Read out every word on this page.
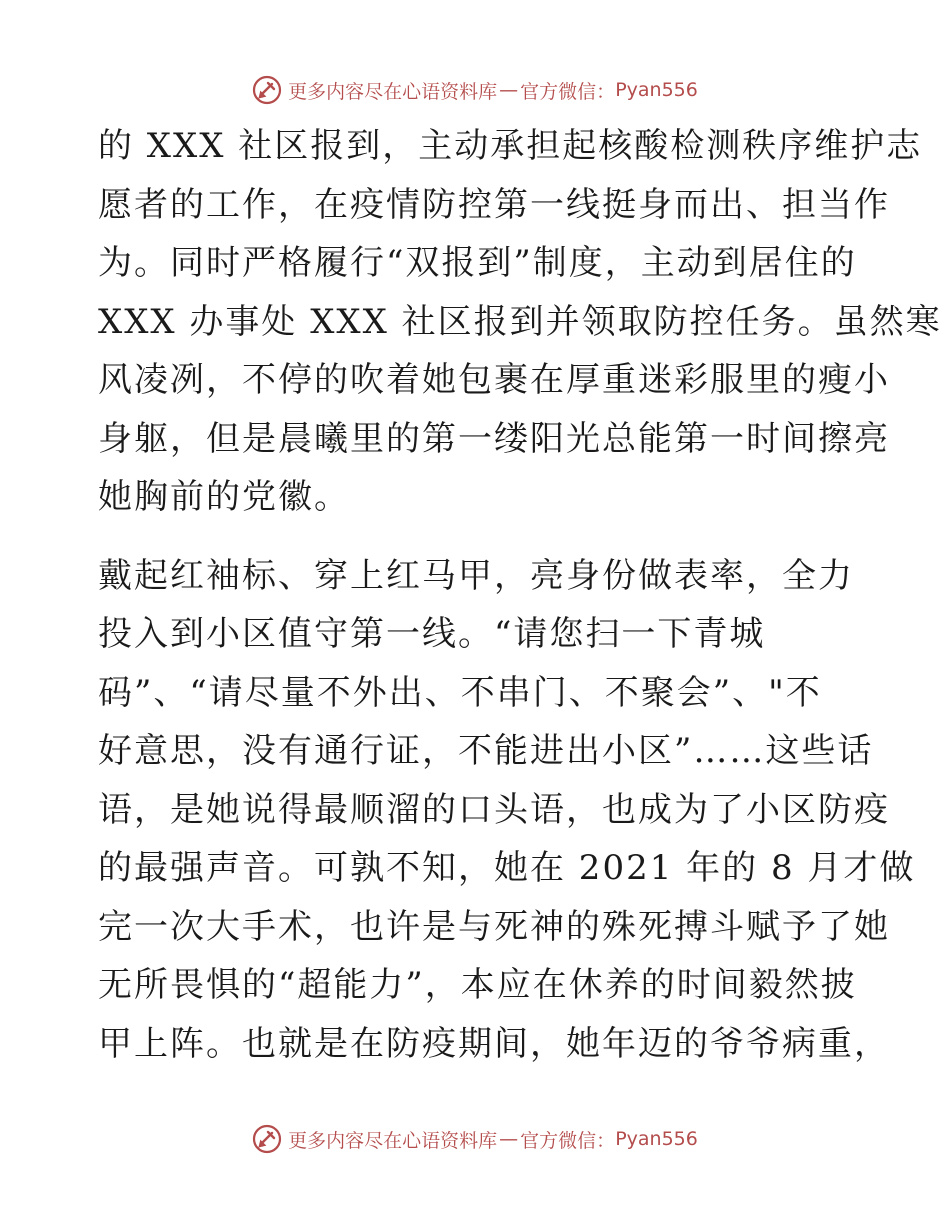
更多内容尽在心语资料库 — 官方微信： Pyan556
的 XXX 社区报到，主动承担起核酸检测秩序维护志
愿者的工作，在疫情防控第一线挺身而出、担当作
为。同时严格履行“双报到”制度，主动到居住的
XXX 办事处 XXX 社区报到并领取防控任务。虽然寒
风凌冽，不停的吹着她包裹在厚重迷彩服里的瘦小
身躯，但是晨曦里的第一缕阳光总能第一时间擦亮
她胸前的党徽。
戴起红袖标、穿上红马甲，亮身份做表率，全力
投入到小区值守第一线。“请您扫一下青城
码”、“请尽量不外出、不串门、不聚会”、"不
好意思，没有通行证，不能进出小区”……这些话
语，是她说得最顺溜的口头语，也成为了小区防疫
的最强声音。可孰不知，她在 2021 年的 8 月才做
完一次大手术，也许是与死神的殊死搏斗赋予了她
无所畏惧的“超能力”，本应在休养的时间毅然披
甲上阵。也就是在防疫期间，她年迈的爷爷病重，
更多内容尽在心语资料库 — 官方微信： Pyan556
